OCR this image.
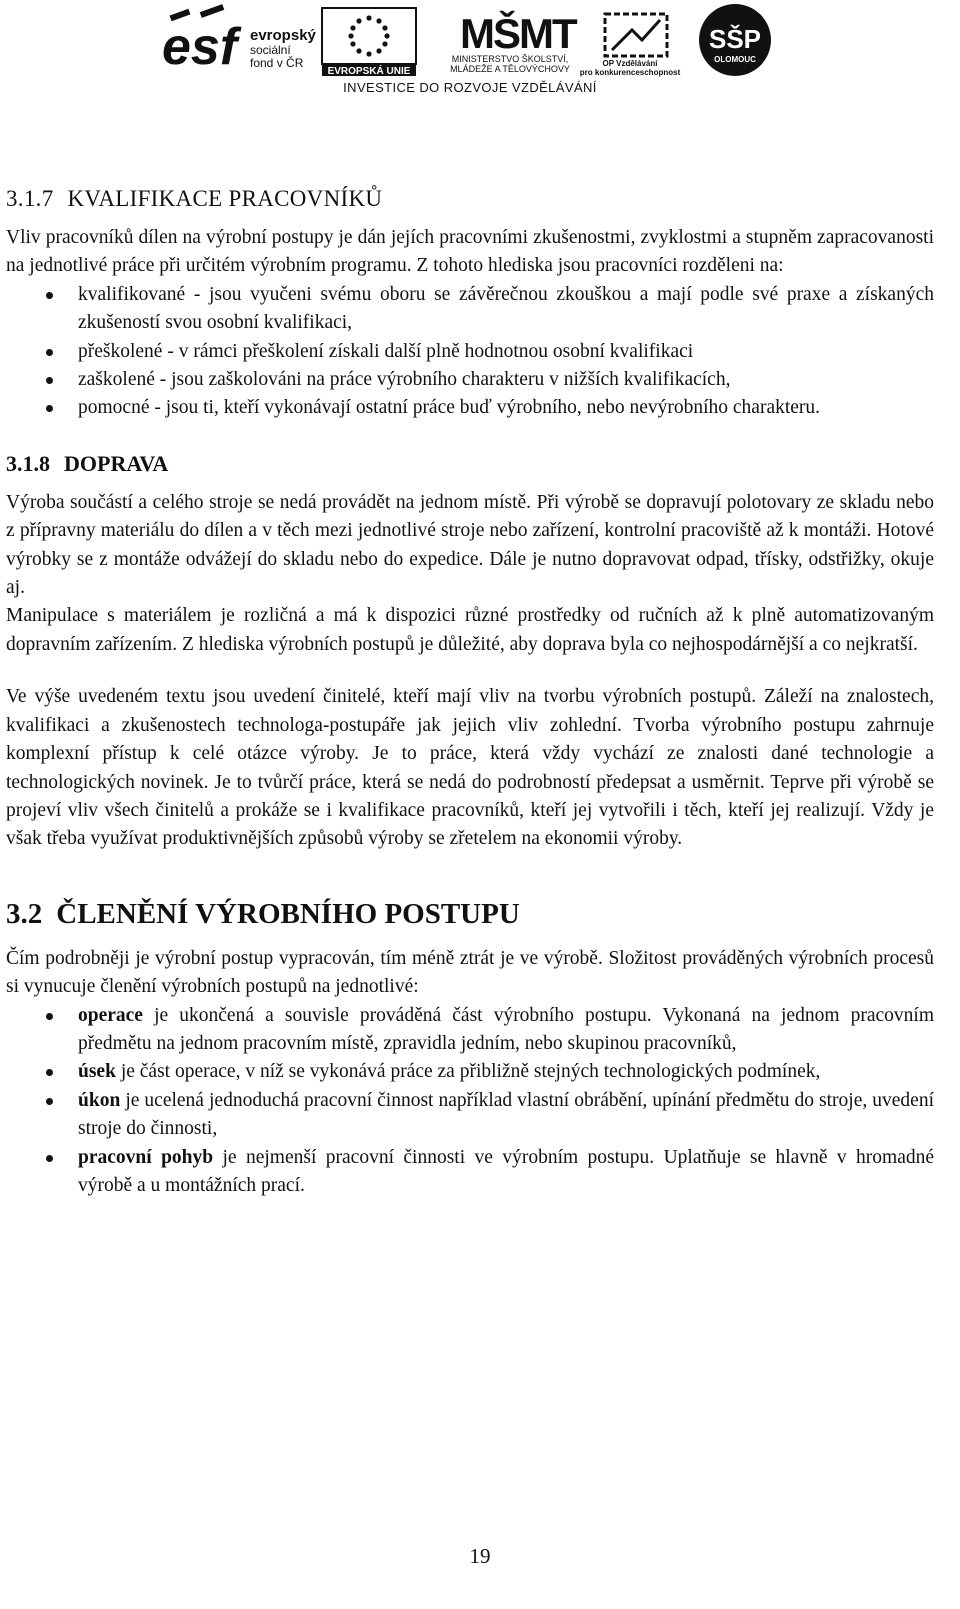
esf evropský
sociální
fond v ČR
EVROPSKÁ UNIE
MŠMT
MINISTERSTVO ŠKOLSTVÍ,
MLÁDEŽE A TĚLOVÝCHOVY
OP Vzdělávání
pro konkurenceschopnost
SŠP
OLOMOUC
INVESTICE DO ROZVOJE VZDĚLÁVÁNÍ
3.1.7 KVALIFIKACE PRACOVNÍKŮ

Vliv pracovníků dílen na výrobní postupy je dán jejích pracovními zkušenostmi, zvyklostmi a stupněm zapracovanosti na jednotlivé práce při určitém výrobním programu. Z tohoto hlediska jsou pracovníci rozděleni na:

kvalifikované - jsou vyučeni svému oboru se závěrečnou zkouškou a mají podle své praxe a získaných zkušeností svou osobní kvalifikaci,
přeškolené - v rámci přeškolení získali další plně hodnotnou osobní kvalifikaci
zaškolené - jsou zaškolováni na práce výrobního charakteru v nižších kvalifikacích,
pomocné - jsou ti, kteří vykonávají ostatní práce buď výrobního, nebo nevýrobního charakteru.
3.1.8 DOPRAVA

Výroba součástí a celého stroje se nedá provádět na jednom místě. Při výrobě se dopravují polotovary ze skladu nebo z přípravny materiálu do dílen a v těch mezi jednotlivé stroje nebo zařízení, kontrolní pracoviště až k montáži. Hotové výrobky se z montáže odvážejí do skladu nebo do expedice. Dále je nutno dopravovat odpad, třísky, odstřižky, okuje aj.

Manipulace s materiálem je rozličná a má k dispozici různé prostředky od ručních až k plně automatizovaným dopravním zařízením. Z hlediska výrobních postupů je důležité, aby doprava byla co nejhospodárnější a co nejkratší.

Ve výše uvedeném textu jsou uvedení činitelé, kteří mají vliv na tvorbu výrobních postupů. Záleží na znalostech, kvalifikaci a zkušenostech technologa-postupáře jak jejich vliv zohlední. Tvorba výrobního postupu zahrnuje komplexní přístup k celé otázce výroby. Je to práce, která vždy vychází ze znalosti dané technologie a technologických novinek. Je to tvůrčí práce, která se nedá do podrobností předepsat a usměrnit. Teprve při výrobě se projeví vliv všech činitelů a prokáže se i kvalifikace pracovníků, kteří jej vytvořili i těch, kteří jej realizují. Vždy je však třeba využívat produktivnějších způsobů výroby se zřetelem na ekonomii výroby.

3.2 ČLENĚNÍ VÝROBNÍHO POSTUPU

Čím podrobněji je výrobní postup vypracován, tím méně ztrát je ve výrobě. Složitost prováděných výrobních procesů si vynucuje členění výrobních postupů na jednotlivé:

operace je ukončená a souvisle prováděná část výrobního postupu. Vykonaná na jednom pracovním předmětu na jednom pracovním místě, zpravidla jedním, nebo skupinou pracovníků,
úsek je část operace, v níž se vykonává práce za přibližně stejných technologických podmínek,
úkon je ucelená jednoduchá pracovní činnost například vlastní obrábění, upínání předmětu do stroje, uvedení stroje do činnosti,
pracovní pohyb je nejmenší pracovní činnosti ve výrobním postupu. Uplatňuje se hlavně v hromadné výrobě a u montážních prací.
19
